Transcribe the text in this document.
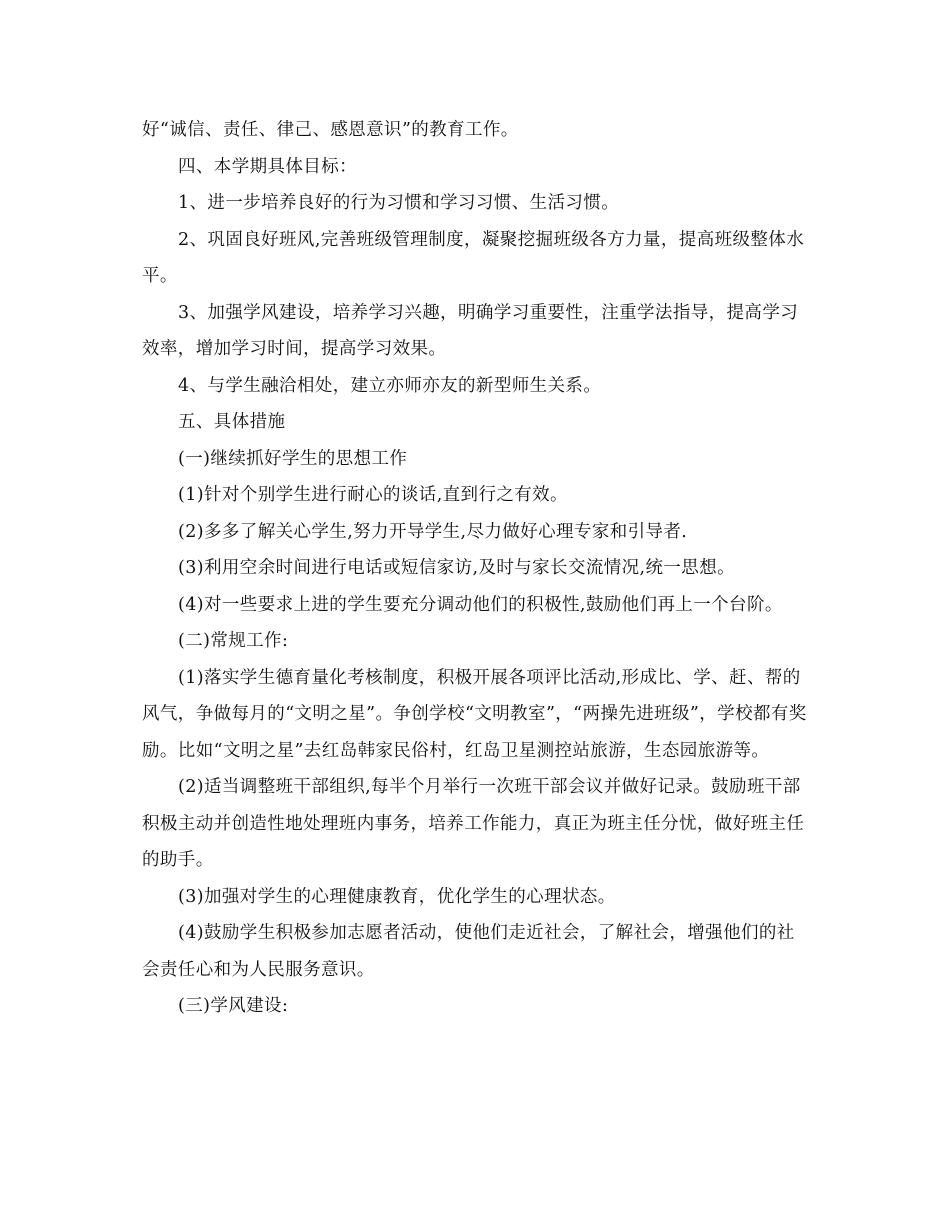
好“诚信、责任、律己、感恩意识”的教育工作。

四、本学期具体目标：

1、进一步培养良好的行为习惯和学习习惯、生活习惯。

2、巩固良好班风,完善班级管理制度，凝聚挖掘班级各方力量，提高班级整体水平。

3、加强学风建设，培养学习兴趣，明确学习重要性，注重学法指导，提高学习效率，增加学习时间，提高学习效果。

4、与学生融洽相处，建立亦师亦友的新型师生关系。

五、具体措施

(一)继续抓好学生的思想工作

(1)针对个别学生进行耐心的谈话,直到行之有效。

(2)多多了解关心学生,努力开导学生,尽力做好心理专家和引导者.

(3)利用空余时间进行电话或短信家访,及时与家长交流情况,统一思想。

(4)对一些要求上进的学生要充分调动他们的积极性,鼓励他们再上一个台阶。

(二)常规工作:

(1)落实学生德育量化考核制度，积极开展各项评比活动,形成比、学、赶、帮的风气，争做每月的“文明之星”。争创学校“文明教室”，“两操先进班级”，学校都有奖励。比如“文明之星”去红岛韩家民俗村，红岛卫星测控站旅游，生态园旅游等。

(2)适当调整班干部组织,每半个月举行一次班干部会议并做好记录。鼓励班干部积极主动并创造性地处理班内事务，培养工作能力，真正为班主任分忧，做好班主任的助手。

(3)加强对学生的心理健康教育，优化学生的心理状态。

(4)鼓励学生积极参加志愿者活动，使他们走近社会，了解社会，增强他们的社会责任心和为人民服务意识。

(三)学风建设:
